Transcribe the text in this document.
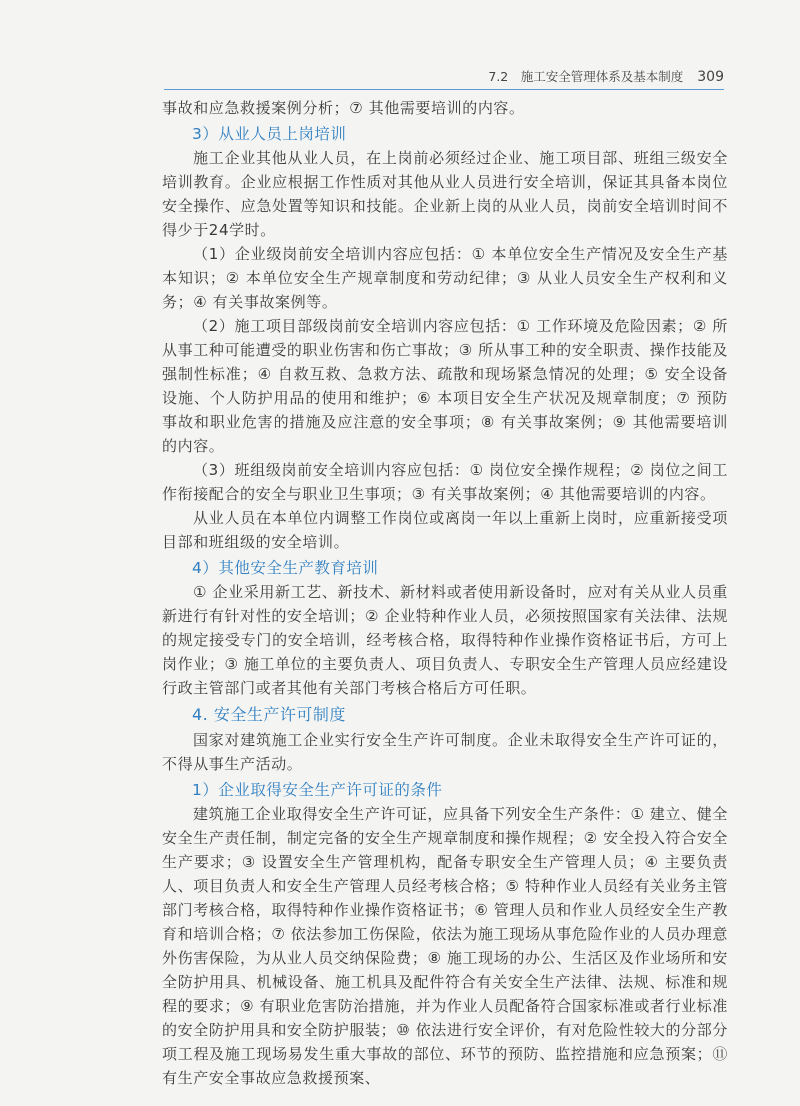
7.2　施工安全管理体系及基本制度 309

事故和应急救援案例分析；⑦ 其他需要培训的内容。

3）从业人员上岗培训

施工企业其他从业人员，在上岗前必须经过企业、施工项目部、班组三级安全培训教育。企业应根据工作性质对其他从业人员进行安全培训，保证其具备本岗位安全操作、应急处置等知识和技能。企业新上岗的从业人员，岗前安全培训时间不得少于24学时。

（1）企业级岗前安全培训内容应包括：① 本单位安全生产情况及安全生产基本知识；② 本单位安全生产规章制度和劳动纪律；③ 从业人员安全生产权利和义务；④ 有关事故案例等。

（2）施工项目部级岗前安全培训内容应包括：① 工作环境及危险因素；② 所从事工种可能遭受的职业伤害和伤亡事故；③ 所从事工种的安全职责、操作技能及强制性标准；④ 自救互救、急救方法、疏散和现场紧急情况的处理；⑤ 安全设备设施、个人防护用品的使用和维护；⑥ 本项目安全生产状况及规章制度；⑦ 预防事故和职业危害的措施及应注意的安全事项；⑧ 有关事故案例；⑨ 其他需要培训的内容。

（3）班组级岗前安全培训内容应包括：① 岗位安全操作规程；② 岗位之间工作衔接配合的安全与职业卫生事项；③ 有关事故案例；④ 其他需要培训的内容。

从业人员在本单位内调整工作岗位或离岗一年以上重新上岗时，应重新接受项目部和班组级的安全培训。

4）其他安全生产教育培训

① 企业采用新工艺、新技术、新材料或者使用新设备时，应对有关从业人员重新进行有针对性的安全培训；② 企业特种作业人员，必须按照国家有关法律、法规的规定接受专门的安全培训，经考核合格，取得特种作业操作资格证书后，方可上岗作业；③ 施工单位的主要负责人、项目负责人、专职安全生产管理人员应经建设行政主管部门或者其他有关部门考核合格后方可任职。

4. 安全生产许可制度

国家对建筑施工企业实行安全生产许可制度。企业未取得安全生产许可证的，不得从事生产活动。

1）企业取得安全生产许可证的条件

建筑施工企业取得安全生产许可证，应具备下列安全生产条件：① 建立、健全安全生产责任制，制定完备的安全生产规章制度和操作规程；② 安全投入符合安全生产要求；③ 设置安全生产管理机构，配备专职安全生产管理人员；④ 主要负责人、项目负责人和安全生产管理人员经考核合格；⑤ 特种作业人员经有关业务主管部门考核合格，取得特种作业操作资格证书；⑥ 管理人员和作业人员经安全生产教育和培训合格；⑦ 依法参加工伤保险，依法为施工现场从事危险作业的人员办理意外伤害保险，为从业人员交纳保险费；⑧ 施工现场的办公、生活区及作业场所和安全防护用具、机械设备、施工机具及配件符合有关安全生产法律、法规、标准和规程的要求；⑨ 有职业危害防治措施，并为作业人员配备符合国家标准或者行业标准的安全防护用具和安全防护服装；⑩ 依法进行安全评价，有对危险性较大的分部分项工程及施工现场易发生重大事故的部位、环节的预防、监控措施和应急预案；⑪ 有生产安全事故应急救援预案、
